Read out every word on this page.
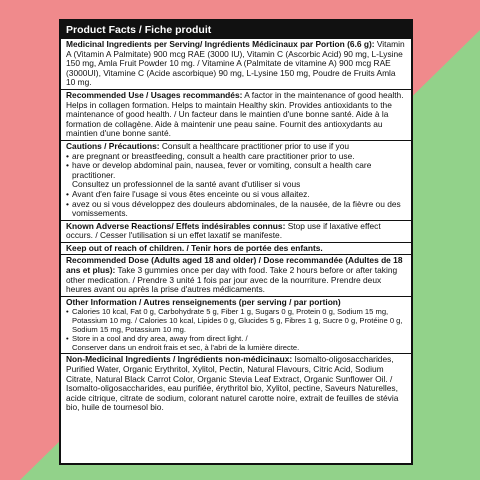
Product Facts / Fiche produit
Medicinal Ingredients per Serving/ Ingrédients Médicinaux par Portion (6.6 g): Vitamin A (Vitamin A Palmitate) 900 mcg RAE (3000 IU), Vitamin C (Ascorbic Acid) 90 mg, L-Lysine 150 mg, Amla Fruit Powder 10 mg. / Vitamine A (Palmitate de vitamine A) 900 mcg RAE (3000UI), Vitamine C (Acide ascorbique) 90 mg, L-Lysine 150 mg, Poudre de Fruits Amla 10 mg.
Recommended Use / Usages recommandés: A factor in the maintenance of good health. Helps in collagen formation. Helps to maintain Healthy skin. Provides antioxidants to the maintenance of good health. / Un facteur dans le maintien d'une bonne santé. Aide à la formation de collagène. Aide à maintenir une peau saine. Fournit des antioxydants au maintien d'une bonne santé.
Cautions / Précautions: Consult a healthcare practitioner prior to use if you
• are pregnant or breastfeeding, consult a health care practitioner prior to use.
• have or develop abdominal pain, nausea, fever or vomiting, consult a health care practitioner.
Consultez un professionnel de la santé avant d'utiliser si vous
• Avant d'en faire l'usage si vous êtes enceinte ou si vous allaitez.
• avez ou si vous développez des douleurs abdominales, de la nausée, de la fièvre ou des vomissements.
Known Adverse Reactions/ Effets indésirables connus: Stop use if laxative effect occurs. / Cesser l'utilisation si un effet laxatif se manifeste.
Keep out of reach of children. / Tenir hors de portée des enfants.
Recommended Dose (Adults aged 18 and older) / Dose recommandée (Adultes de 18 ans et plus): Take 3 gummies once per day with food. Take 2 hours before or after taking other medication. / Prendre 3 unité 1 fois par jour avec de la nourriture. Prendre deux heures avant ou après la prise d'autres médicaments.
Other Information / Autres renseignements (per serving / par portion)
• Calories 10 kcal, Fat 0 g, Carbohydrate 5 g, Fiber 1 g, Sugars 0 g, Protein 0 g, Sodium 15 mg, Potassium 10 mg. / Calories 10 kcal, Lipides 0 g, Glucides 5 g, Fibres 1 g, Sucre 0 g, Protéine 0 g, Sodium 15 mg, Potassium 10 mg.
• Store in a cool and dry area, away from direct light. /
Conserver dans un endroit frais et sec, à l'abri de la lumière directe.
Non-Medicinal Ingredients / Ingrédients non-médicinaux: Isomalto-oligosaccharides, Purified Water, Organic Erythritol, Xylitol, Pectin, Natural Flavours, Citric Acid, Sodium Citrate, Natural Black Carrot Color, Organic Stevia Leaf Extract, Organic Sunflower Oil. / Isomalto-oligosaccharides, eau purifiée, érythritol bio, Xylitol, pectine, Saveurs Naturelles, acide citrique, citrate de sodium, colorant naturel carotte noire, extrait de feuilles de stévia bio, huile de tournesol bio.
